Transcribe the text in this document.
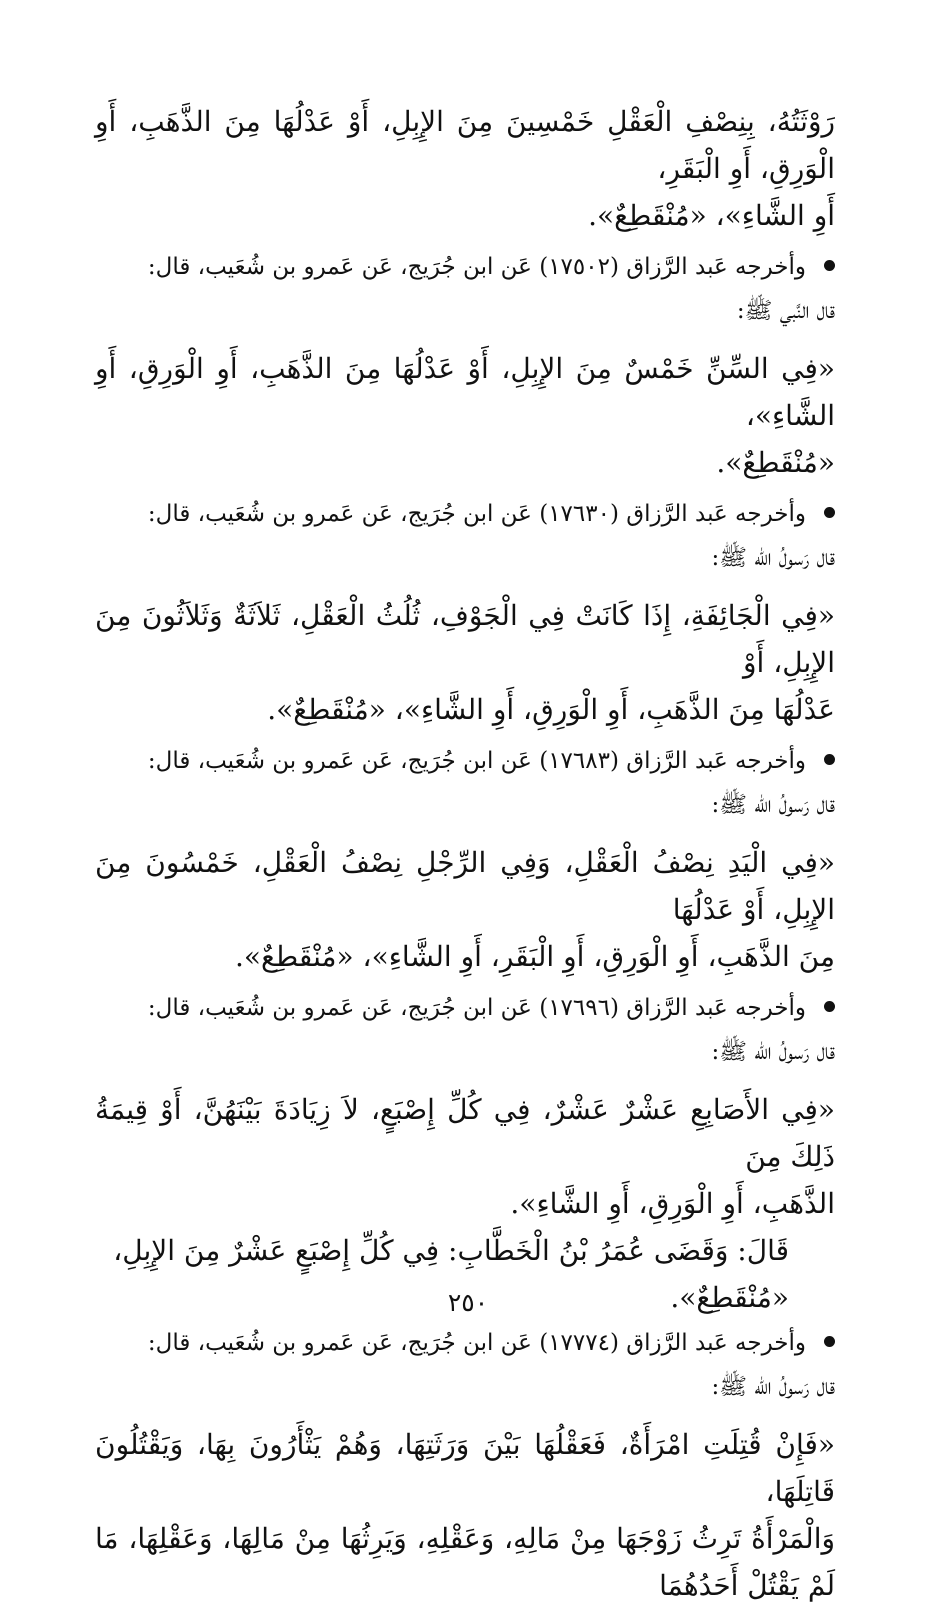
رَوْثَتُهُ، بِنِصْفِ الْعَقْلِ خَمْسِينَ مِنَ الإِبِلِ، أَوْ عَدْلُهَا مِنَ الذَّهَبِ، أَوِ الْوَرِقِ، أَوِ الْبَقَرِ،
أَوِ الشَّاءِ»، «مُنْقَطِعٌ».

وأخرجه عَبد الرَّزاق (١٧٥٠٢) عَن ابن جُرَيج، عَن عَمرو بن شُعَيب، قال:
قال النَّبي ﷺ:

«فِي السِّنِّ خَمْسٌ مِنَ الإِبِلِ، أَوْ عَدْلُهَا مِنَ الذَّهَبِ، أَوِ الْوَرِقِ، أَوِ الشَّاءِ»،
«مُنْقَطِعٌ».

وأخرجه عَبد الرَّزاق (١٧٦٣٠) عَن ابن جُرَيج، عَن عَمرو بن شُعَيب، قال:
قال رَسولُ الله ﷺ:

«فِي الْجَائِفَةِ، إِذَا كَانَتْ فِي الْجَوْفِ، ثُلُثُ الْعَقْلِ، ثَلاَثَةٌ وَثَلاَثُونَ مِنَ الإِبِلِ، أَوْ
عَدْلُهَا مِنَ الذَّهَبِ، أَوِ الْوَرِقِ، أَوِ الشَّاءِ»، «مُنْقَطِعٌ».

وأخرجه عَبد الرَّزاق (١٧٦٨٣) عَن ابن جُرَيج، عَن عَمرو بن شُعَيب، قال:
قال رَسولُ الله ﷺ:

«فِي الْيَدِ نِصْفُ الْعَقْلِ، وَفِي الرِّجْلِ نِصْفُ الْعَقْلِ، خَمْسُونَ مِنَ الإِبِلِ، أَوْ عَدْلُهَا
مِنَ الذَّهَبِ، أَوِ الْوَرِقِ، أَوِ الْبَقَرِ، أَوِ الشَّاءِ»، «مُنْقَطِعٌ».

وأخرجه عَبد الرَّزاق (١٧٦٩٦) عَن ابن جُرَيج، عَن عَمرو بن شُعَيب، قال:
قال رَسولُ الله ﷺ:

«فِي الأَصَابِعِ عَشْرٌ عَشْرٌ، فِي كُلِّ إِصْبَعٍ، لاَ زِيَادَةَ بَيْنَهُنَّ، أَوْ قِيمَةُ ذَلِكَ مِنَ
الذَّهَبِ، أَوِ الْوَرِقِ، أَوِ الشَّاءِ».

قَالَ: وَقَضَى عُمَرُ بْنُ الْخَطَّابِ: فِي كُلِّ إِصْبَعٍ عَشْرٌ مِنَ الإِبِلِ، «مُنْقَطِعٌ».

وأخرجه عَبد الرَّزاق (١٧٧٧٤) عَن ابن جُرَيج، عَن عَمرو بن شُعَيب، قال:
قال رَسولُ الله ﷺ:

«فَإِنْ قُتِلَتِ امْرَأَةٌ، فَعَقْلُهَا بَيْنَ وَرَثَتِهَا، وَهُمْ يَثْأَرُونَ بِهَا، وَيَقْتُلُونَ قَاتِلَهَا،
وَالْمَرْأَةُ تَرِثُ زَوْجَهَا مِنْ مَالِهِ، وَعَقْلِهِ، وَيَرِثُهَا مِنْ مَالِهَا، وَعَقْلِهَا، مَا لَمْ يَقْتُلْ أَحَدُهُمَا

٢٥٠
